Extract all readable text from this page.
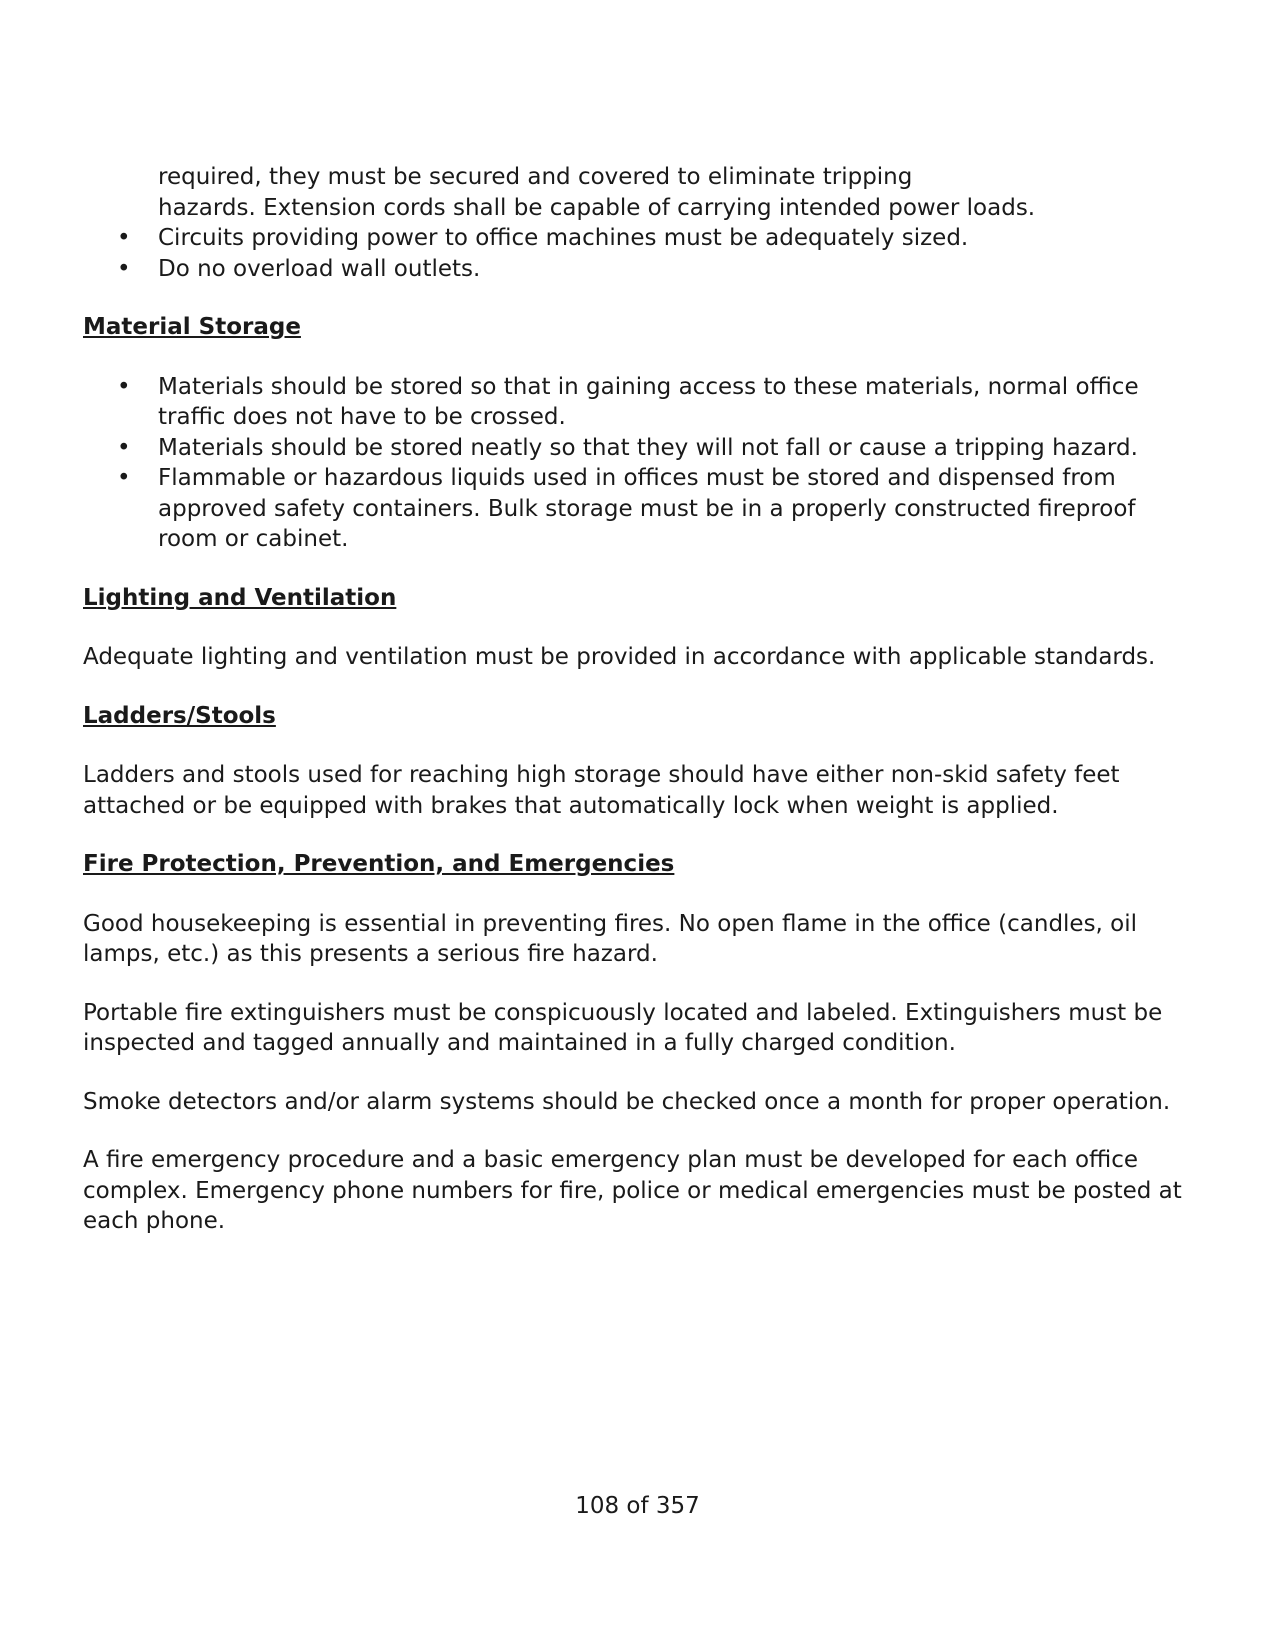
required, they must be secured and covered to eliminate tripping
hazards. Extension cords shall be capable of carrying intended power loads.
• Circuits providing power to office machines must be adequately sized.
• Do no overload wall outlets.
Material Storage
• Materials should be stored so that in gaining access to these materials, normal office traffic does not have to be crossed.
• Materials should be stored neatly so that they will not fall or cause a tripping hazard.
• Flammable or hazardous liquids used in offices must be stored and dispensed from approved safety containers. Bulk storage must be in a properly constructed fireproof room or cabinet.
Lighting and Ventilation

Adequate lighting and ventilation must be provided in accordance with applicable standards.

Ladders/Stools

Ladders and stools used for reaching high storage should have either non-skid safety feet attached or be equipped with brakes that automatically lock when weight is applied.

Fire Protection, Prevention, and Emergencies

Good housekeeping is essential in preventing fires. No open flame in the office (candles, oil lamps, etc.) as this presents a serious fire hazard.

Portable fire extinguishers must be conspicuously located and labeled. Extinguishers must be inspected and tagged annually and maintained in a fully charged condition.

Smoke detectors and/or alarm systems should be checked once a month for proper operation.

A fire emergency procedure and a basic emergency plan must be developed for each office complex. Emergency phone numbers for fire, police or medical emergencies must be posted at each phone.

108 of 357
